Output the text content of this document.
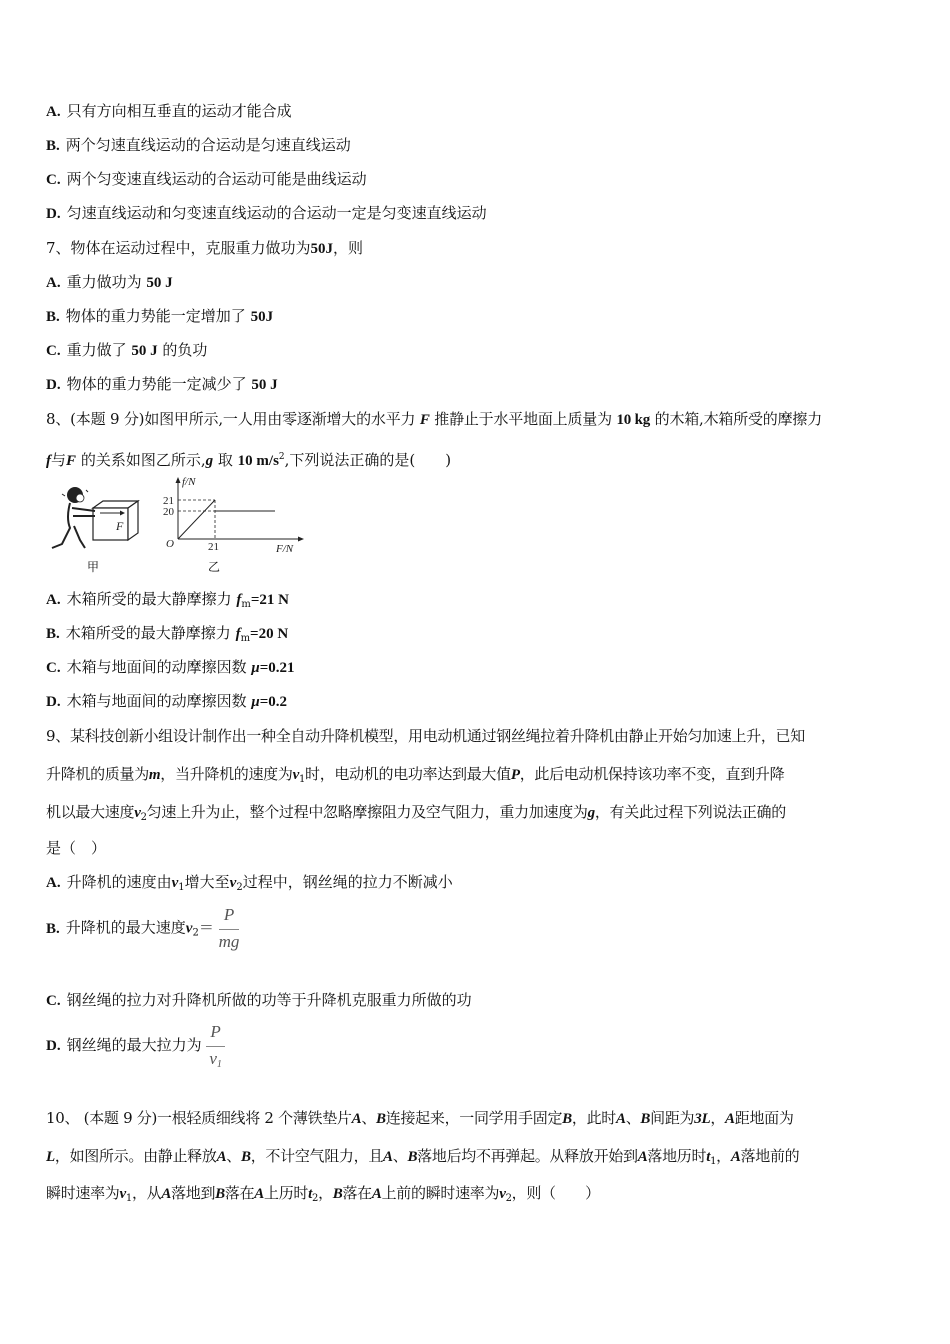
A. 只有方向相互垂直的运动才能合成
B. 两个匀速直线运动的合运动是匀速直线运动
C. 两个匀变速直线运动的合运动可能是曲线运动
D. 匀速直线运动和匀变速直线运动的合运动一定是匀变速直线运动
7、物体在运动过程中，克服重力做功为50J，则
A. 重力做功为 50 J
B. 物体的重力势能一定增加了 50J
C. 重力做了 50 J 的负功
D. 物体的重力势能一定减少了 50 J
8、(本题 9 分)如图甲所示,一人用由零逐渐增大的水平力 F 推静止于水平地面上质量为 10 kg 的木箱,木箱所受的摩擦力
f与F 的关系如图乙所示,g 取 10 $m/s^2$,下列说法正确的是(　　)
F
甲
f/N
21
20
O	21	F/N
乙
A. 木箱所受的最大静摩擦力 $f_m=21$ N
B. 木箱所受的最大静摩擦力 $f_m=20$ N
C. 木箱与地面间的动摩擦因数 μ=0.21
D. 木箱与地面间的动摩擦因数 μ=0.2
9、某科技创新小组设计制作出一种全自动升降机模型，用电动机通过钢丝绳拉着升降机由静止开始匀加速上升，已知
升降机的质量为m，当升降机的速度为$v_1$时，电动机的电功率达到最大值P，此后电动机保持该功率不变，直到升降
机以最大速度$v_2$匀速上升为止，整个过程中忽略摩擦阻力及空气阻力，重力加速度为g，有关此过程下列说法正确的
是（　）
A. 升降机的速度由$v_1$增大至$v_2$过程中，钢丝绳的拉力不断减小
B. 升降机的最大速度$v_2= \frac{P}{mg}$
C. 钢丝绳的拉力对升降机所做的功等于升降机克服重力所做的功
D. 钢丝绳的最大拉力为 $\frac{P}{v_1}$
10、 (本题 9 分)一根轻质细线将 2 个薄铁垫片A、B连接起来，一同学用手固定B，此时A、B间距为3L，A距地面为
L，如图所示。由静止释放A、B，不计空气阻力，且A、B落地后均不再弹起。从释放开始到A落地历时$t_1$，A落地前的
瞬时速率为$v_1$，从A落地到B落在A上历时$t_2$，B落在A上前的瞬时速率为$v_2$，则（　　）
